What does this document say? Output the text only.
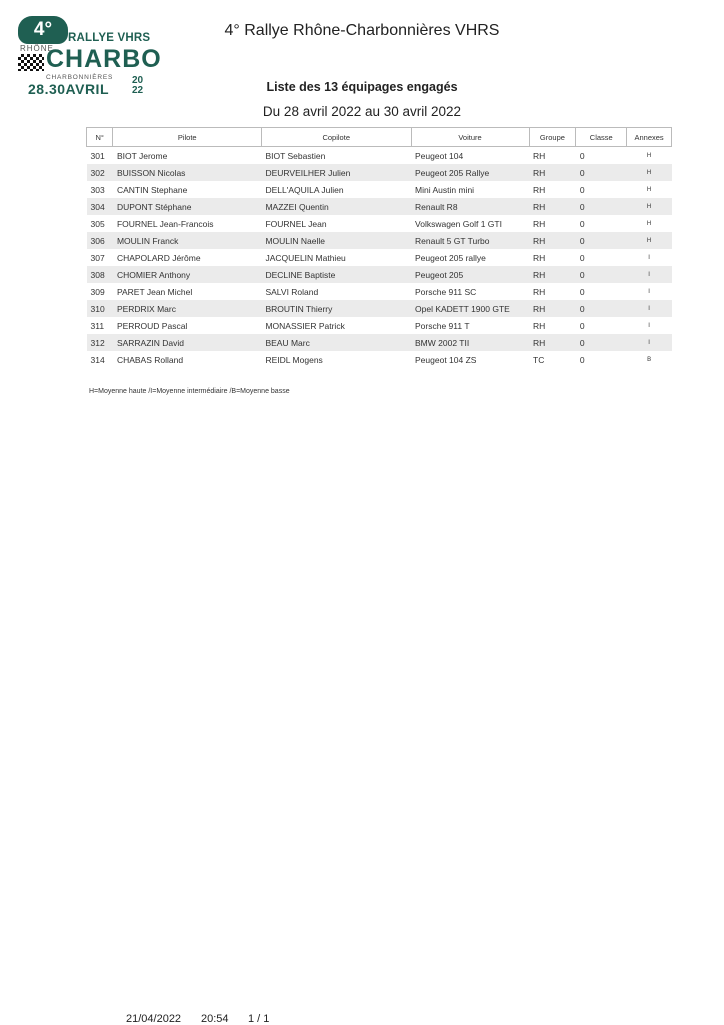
4°	RALLYE VHRS
RHÔNE
CHARBO
CHARBONNIÈRES
28.30AVRIL
20
22
4° Rallye Rhône-Charbonnières VHRS
Liste des 13 équipages engagés
Du 28 avril 2022 au 30 avril 2022
N°	Pilote	Copilote	Voiture	Groupe	Classe	Annexes
301	BIOT Jerome	BIOT Sebastien	Peugeot 104	RH	0	H
302	BUISSON Nicolas	DEURVEILHER Julien	Peugeot 205 Rallye	RH	0	H
303	CANTIN Stephane	DELL'AQUILA Julien	Mini Austin mini	RH	0	H
304	DUPONT Stéphane	MAZZEI Quentin	Renault R8	RH	0	H
305	FOURNEL Jean-Francois	FOURNEL Jean	Volkswagen Golf 1 GTI	RH	0	H
306	MOULIN Franck	MOULIN Naelle	Renault 5 GT Turbo	RH	0	H
307	CHAPOLARD Jérôme	JACQUELIN Mathieu	Peugeot 205 rallye	RH	0	I
308	CHOMIER Anthony	DECLINE Baptiste	Peugeot 205	RH	0	I
309	PARET Jean Michel	SALVI Roland	Porsche 911 SC	RH	0	I
310	PERDRIX Marc	BROUTIN Thierry	Opel KADETT 1900 GTE	RH	0	I
311	PERROUD Pascal	MONASSIER Patrick	Porsche 911 T	RH	0	I
312	SARRAZIN David	BEAU Marc	BMW 2002 TII	RH	0	I
314	CHABAS Rolland	REIDL Mogens	Peugeot 104 ZS	TC	0	B
H=Moyenne haute /I=Moyenne intermédiaire /B=Moyenne basse
21/04/2022 20:54 1 / 1
